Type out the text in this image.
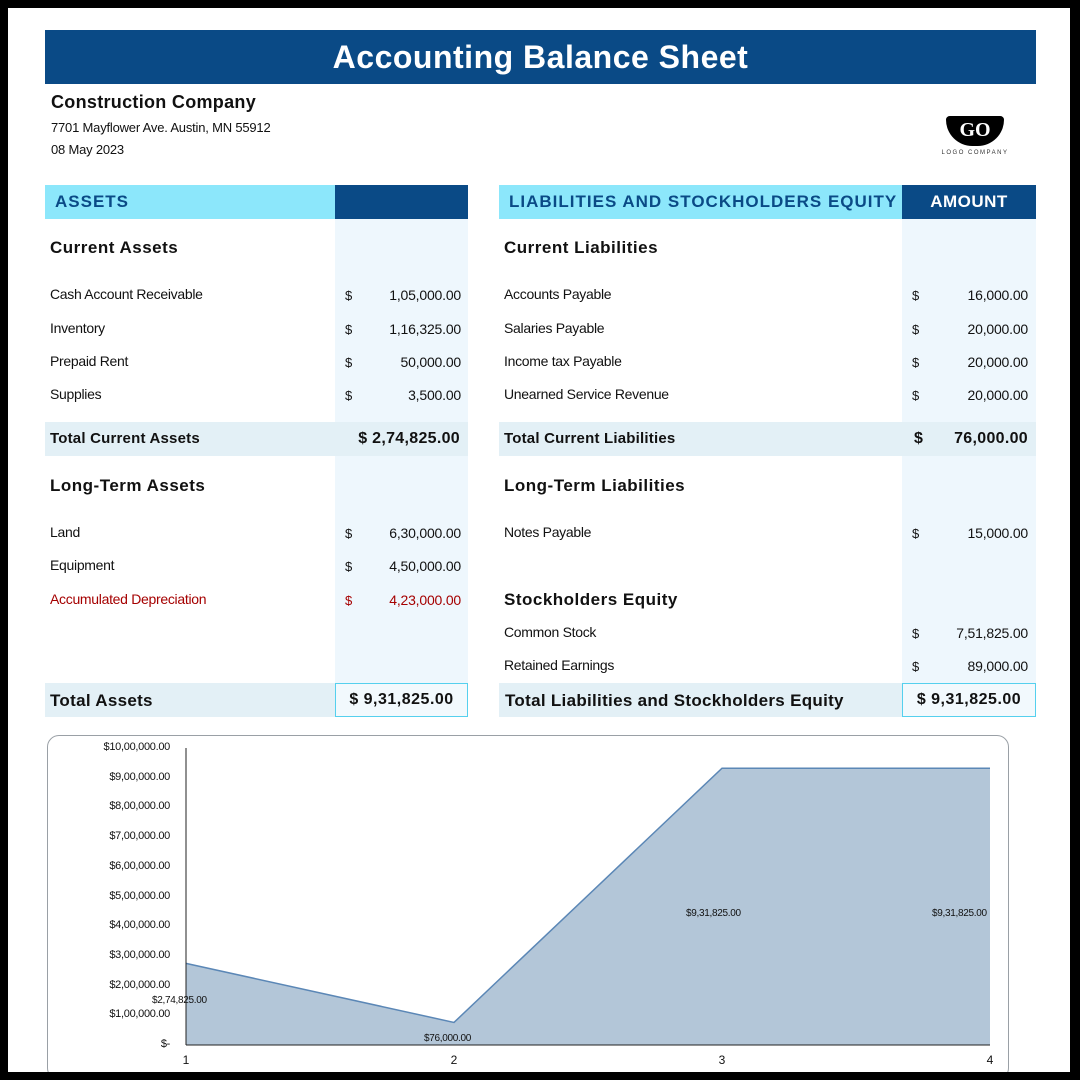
Accounting Balance Sheet
Construction Company
7701 Mayflower Ave. Austin, MN 55912
08 May 2023
GO
LOGO COMPANY
ASSETS
Current Assets
Cash Account Receivable	$	1,05,000.00
Inventory	$	1,16,325.00
Prepaid Rent	$	50,000.00
Supplies	$	3,500.00
Total Current Assets	$ 2,74,825.00
Long-Term Assets
Land	$	6,30,000.00
Equipment	$	4,50,000.00
Accumulated Depreciation	$	4,23,000.00
Total Assets	$ 9,31,825.00
LIABILITIES AND STOCKHOLDERS EQUITY	AMOUNT
Current Liabilities
Accounts Payable	$	16,000.00
Salaries Payable	$	20,000.00
Income tax Payable	$	20,000.00
Unearned Service Revenue	$	20,000.00
Total Current Liabilities	$	76,000.00
Long-Term Liabilities
Notes Payable	$	15,000.00
Stockholders Equity
Common Stock	$	7,51,825.00
Retained Earnings	$	89,000.00
Total Liabilities and Stockholders Equity	$ 9,31,825.00
$-
$1,00,000.00
$2,00,000.00
$3,00,000.00
$4,00,000.00
$5,00,000.00
$6,00,000.00
$7,00,000.00
$8,00,000.00
$9,00,000.00
$10,00,000.00
1	2	3	4
$2,74,825.00
$76,000.00
$9,31,825.00	$9,31,825.00
